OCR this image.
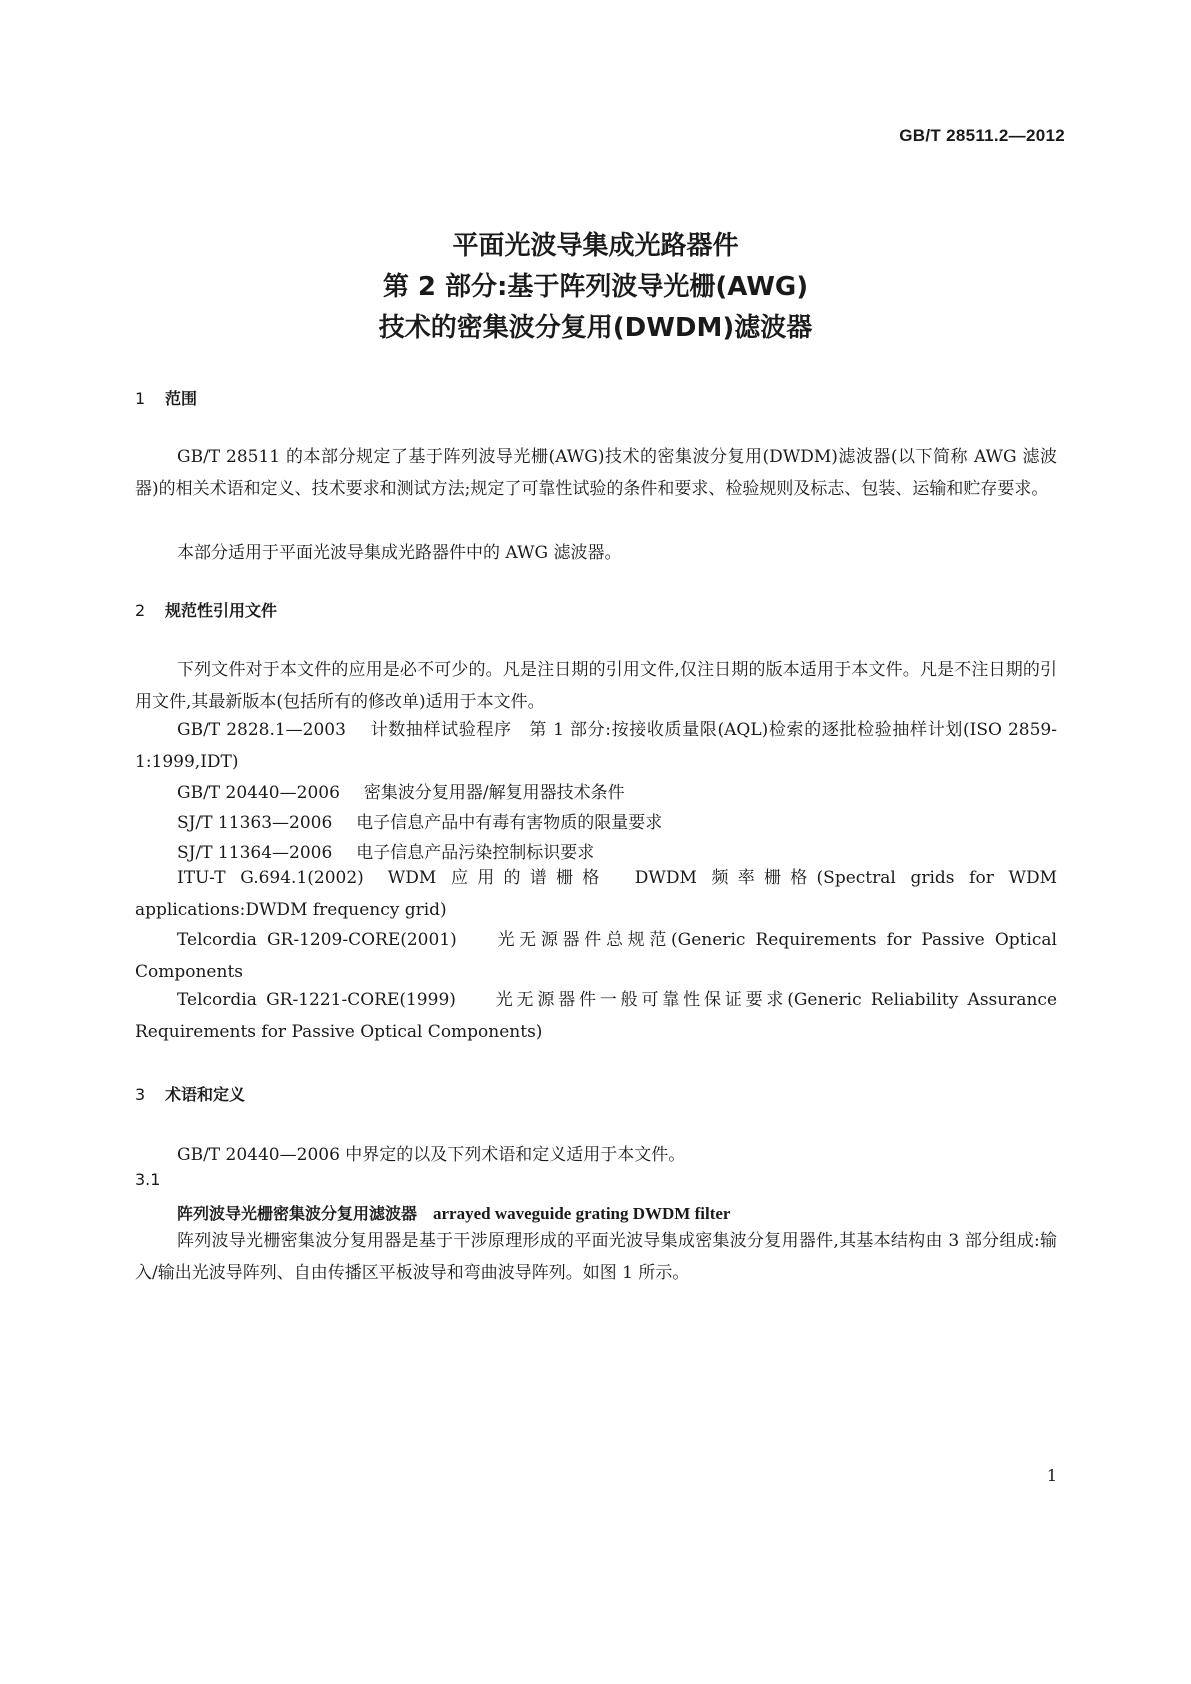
GB/T 28511.2—2012
平面光波导集成光路器件
第 2 部分:基于阵列波导光栅(AWG)
技术的密集波分复用(DWDM)滤波器
1 范围
GB/T 28511 的本部分规定了基于阵列波导光栅(AWG)技术的密集波分复用(DWDM)滤波器(以下简称 AWG 滤波器)的相关术语和定义、技术要求和测试方法;规定了可靠性试验的条件和要求、检验规则及标志、包装、运输和贮存要求。
本部分适用于平面光波导集成光路器件中的 AWG 滤波器。
2 规范性引用文件
下列文件对于本文件的应用是必不可少的。凡是注日期的引用文件,仅注日期的版本适用于本文件。凡是不注日期的引用文件,其最新版本(包括所有的修改单)适用于本文件。
GB/T 2828.1—2003 计数抽样试验程序　第 1 部分:按接收质量限(AQL)检索的逐批检验抽样计划(ISO 2859-1:1999,IDT)
GB/T 20440—2006 密集波分复用器/解复用器技术条件
SJ/T 11363—2006 电子信息产品中有毒有害物质的限量要求
SJ/T 11364—2006 电子信息产品污染控制标识要求
ITU-T G.694.1(2002) WDM 应用的谱栅格　DWDM 频率栅格(Spectral grids for WDM applications:DWDM frequency grid)
Telcordia GR-1209-CORE(2001) 光无源器件总规范(Generic Requirements for Passive Optical Components
Telcordia GR-1221-CORE(1999) 光无源器件一般可靠性保证要求(Generic Reliability Assurance Requirements for Passive Optical Components)
3 术语和定义
GB/T 20440—2006 中界定的以及下列术语和定义适用于本文件。
3.1
阵列波导光栅密集波分复用滤波器 arrayed waveguide grating DWDM filter
阵列波导光栅密集波分复用器是基于干涉原理形成的平面光波导集成密集波分复用器件,其基本结构由 3 部分组成:输入/输出光波导阵列、自由传播区平板波导和弯曲波导阵列。如图 1 所示。
1
